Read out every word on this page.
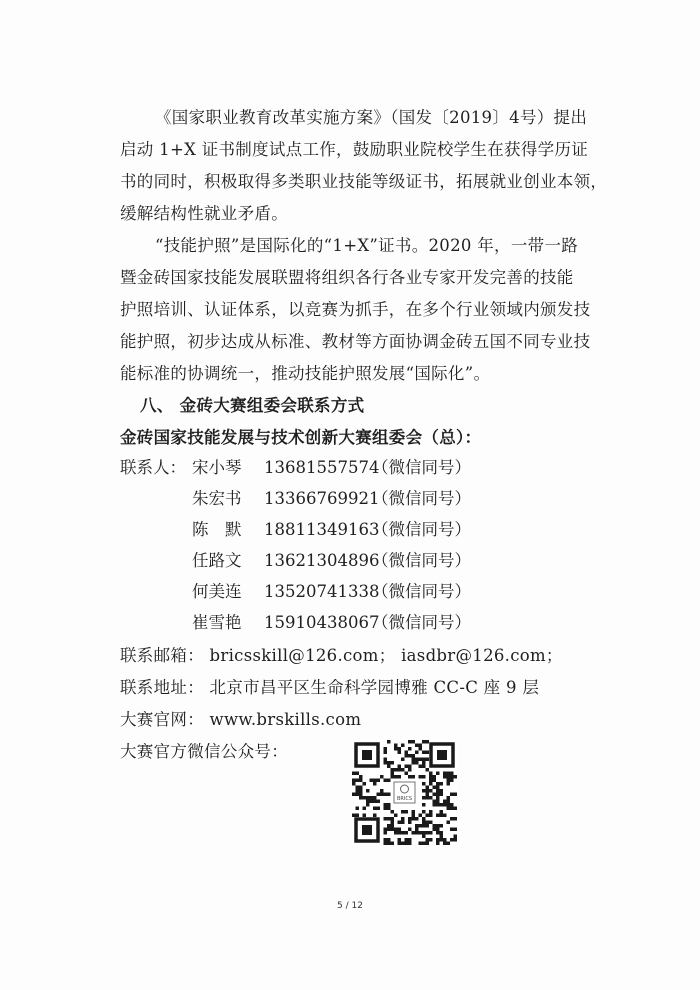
《国家职业教育改革实施方案》（国发〔2019〕4号）提出
启动 1+X 证书制度试点工作，鼓励职业院校学生在获得学历证
书的同时，积极取得多类职业技能等级证书，拓展就业创业本领，
缓解结构性就业矛盾。
“技能护照”是国际化的“1+X”证书。2020 年，一带一路
暨金砖国家技能发展联盟将组织各行各业专家开发完善的技能
护照培训、认证体系，以竞赛为抓手，在多个行业领域内颁发技
能护照，初步达成从标准、教材等方面协调金砖五国不同专业技
能标准的协调统一，推动技能护照发展“国际化”。
八、 金砖大赛组委会联系方式
金砖国家技能发展与技术创新大赛组委会（总）：
联系人： 宋小琴 13681557574
（微信同号）
朱宏书 13366769921
（微信同号）
陈　默 18811349163
（微信同号）
任路文 13621304896
（微信同号）
何美连 13520741338
（微信同号）
崔雪艳 15910438067
（微信同号）
联系邮箱： bricsskill@126.com； iasdbr@126.com；
联系地址： 北京市昌平区生命科学园博雅 CC-C 座 9 层
大赛官网： www.brskills.com
大赛官方微信公众号：
BRICS
5 / 12
